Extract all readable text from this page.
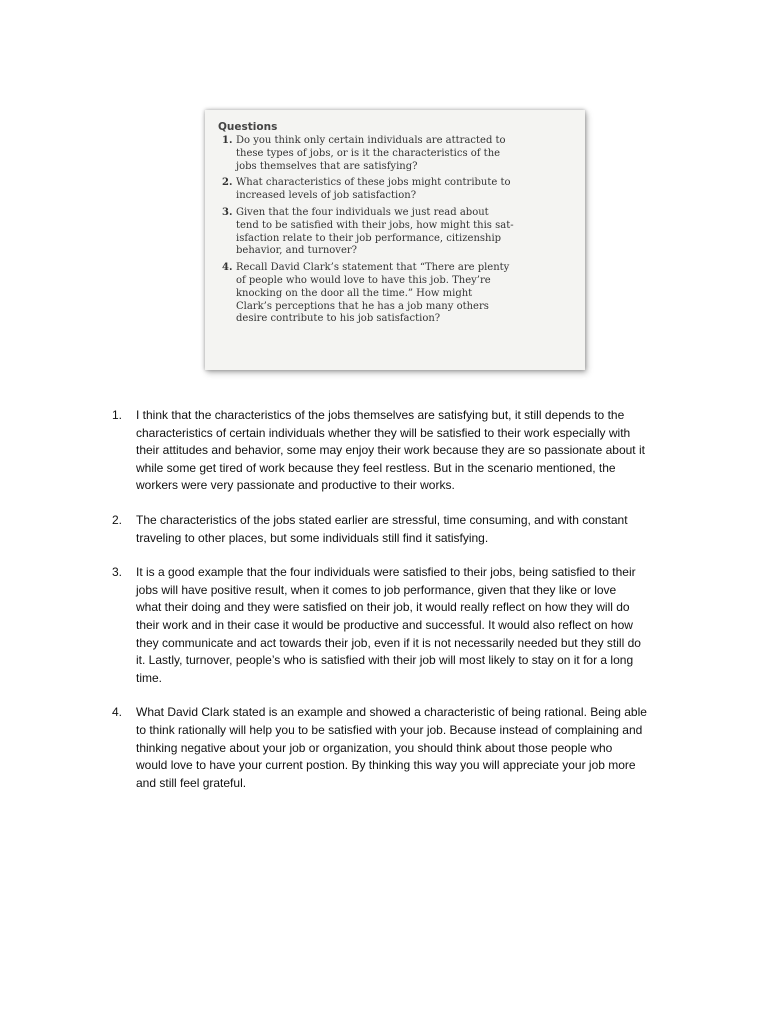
Questions
1. Do you think only certain individuals are attracted to
these types of jobs, or is it the characteristics of the
jobs themselves that are satisfying?
2. What characteristics of these jobs might contribute to
increased levels of job satisfaction?
3. Given that the four individuals we just read about
tend to be satisfied with their jobs, how might this sat-
isfaction relate to their job performance, citizenship
behavior, and turnover?
4. Recall David Clark’s statement that “There are plenty
of people who would love to have this job. They’re
knocking on the door all the time.” How might
Clark’s perceptions that he has a job many others
desire contribute to his job satisfaction?
1.	I think that the characteristics of the jobs themselves are satisfying but, it still depends to the
characteristics of certain individuals whether they will be satisfied to their work especially with
their attitudes and behavior, some may enjoy their work because they are so passionate about it
while some get tired of work because they feel restless. But in the scenario mentioned, the
workers were very passionate and productive to their works.
2.	The characteristics of the jobs stated earlier are stressful, time consuming, and with constant
traveling to other places, but some individuals still find it satisfying.
3.	It is a good example that the four individuals were satisfied to their jobs, being satisfied to their
jobs will have positive result, when it comes to job performance, given that they like or love
what their doing and they were satisfied on their job, it would really reflect on how they will do
their work and in their case it would be productive and successful. It would also reflect on how
they communicate and act towards their job, even if it is not necessarily needed but they still do
it. Lastly, turnover, people’s who is satisfied with their job will most likely to stay on it for a long
time.
4.	What David Clark stated is an example and showed a characteristic of being rational. Being able
to think rationally will help you to be satisfied with your job. Because instead of complaining and
thinking negative about your job or organization, you should think about those people who
would love to have your current postion. By thinking this way you will appreciate your job more
and still feel grateful.
